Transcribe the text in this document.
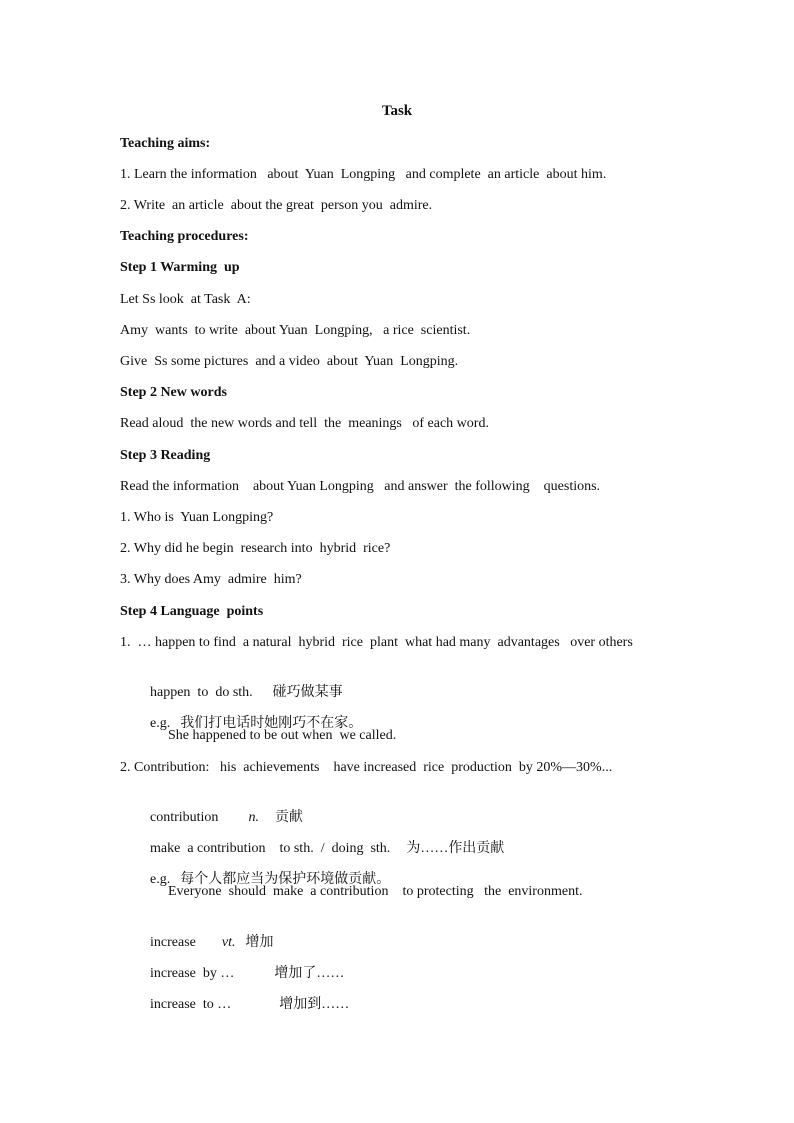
Task
Teaching aims:
1. Learn the information   about  Yuan  Longping   and complete  an article  about him.
2. Write  an article  about the great  person you  admire.
Teaching procedures:
Step 1 Warming  up
Let Ss look  at Task  A:
Amy  wants  to write  about Yuan  Longping,   a rice  scientist.
Give  Ss some pictures  and a video  about  Yuan  Longping.
Step 2 New words
Read aloud  the new words and tell  the  meanings   of each word.
Step 3 Reading
Read the information    about Yuan Longping   and answer  the following    questions.
1. Who is  Yuan Longping?
2. Why did he begin  research into  hybrid  rice?
3. Why does Amy  admire  him?
Step 4 Language  points
1.  … happen to find  a natural  hybrid  rice  plant  what had many  advantages   over others

happen  to  do sth. 碰巧做某事

e.g. 我们打电话时她刚巧不在家。

She happened to be out when  we called.
2. Contribution:   his  achievements    have increased  rice  production  by 20%—30%...

contribution n. 贡献

make  a contribution    to sth.  /  doing  sth. 为……作出贡献

e.g. 每个人都应当为保护环境做贡献。

Everyone  should  make  a contribution    to protecting   the  environment.

increase vt. 增加

increase  by …	增加了……

increase  to …	增加到……
